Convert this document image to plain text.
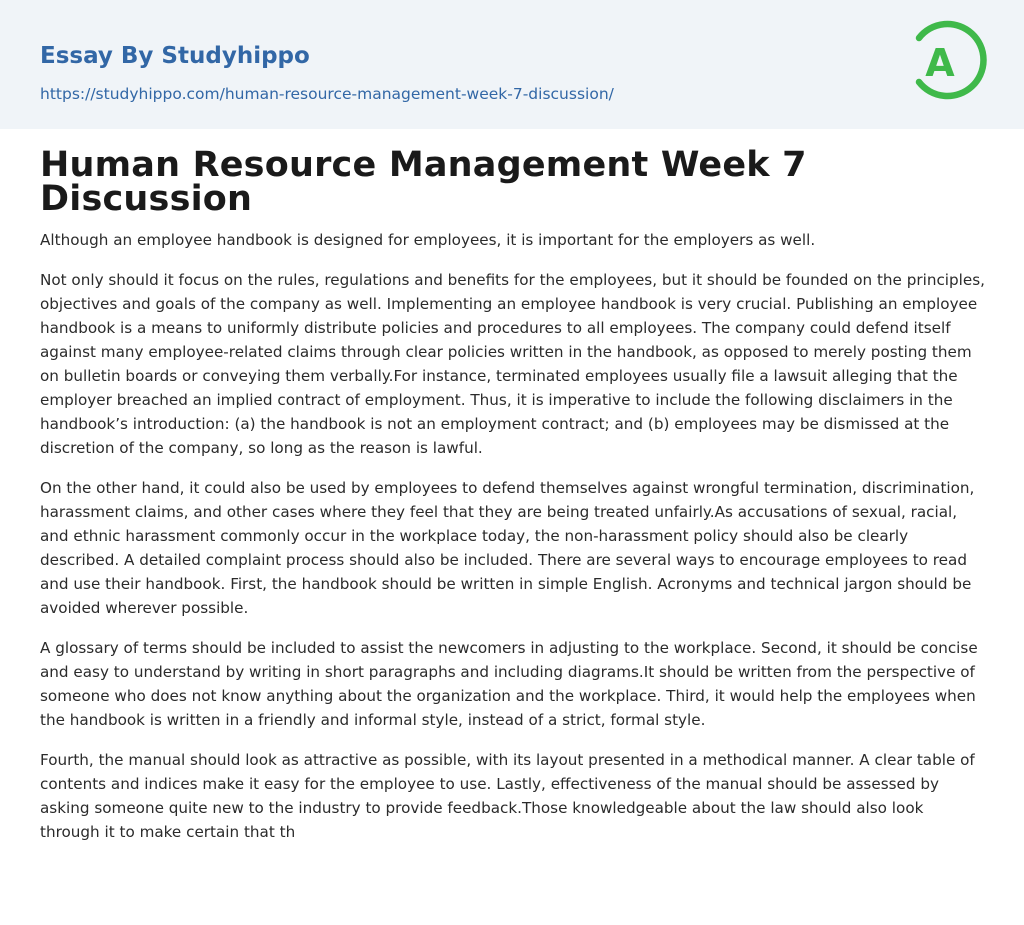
Essay By Studyhippo
https://studyhippo.com/human-resource-management-week-7-discussion/
A
Human Resource Management Week 7 Discussion

Although an employee handbook is designed for employees, it is important for the employers as well.

Not only should it focus on the rules, regulations and benefits for the employees, but it should be founded on the principles, objectives and goals of the company as well. Implementing an employee handbook is very crucial. Publishing an employee handbook is a means to uniformly distribute policies and procedures to all employees. The company could defend itself against many employee-related claims through clear policies written in the handbook, as opposed to merely posting them on bulletin boards or conveying them verbally.For instance, terminated employees usually file a lawsuit alleging that the employer breached an implied contract of employment. Thus, it is imperative to include the following disclaimers in the handbook’s introduction: (a) the handbook is not an employment contract; and (b) employees may be dismissed at the discretion of the company, so long as the reason is lawful.

On the other hand, it could also be used by employees to defend themselves against wrongful termination, discrimination, harassment claims, and other cases where they feel that they are being treated unfairly.As accusations of sexual, racial, and ethnic harassment commonly occur in the workplace today, the non-harassment policy should also be clearly described. A detailed complaint process should also be included. There are several ways to encourage employees to read and use their handbook. First, the handbook should be written in simple English. Acronyms and technical jargon should be avoided wherever possible.

A glossary of terms should be included to assist the newcomers in adjusting to the workplace. Second, it should be concise and easy to understand by writing in short paragraphs and including diagrams.It should be written from the perspective of someone who does not know anything about the organization and the workplace. Third, it would help the employees when the handbook is written in a friendly and informal style, instead of a strict, formal style.

Fourth, the manual should look as attractive as possible, with its layout presented in a methodical manner. A clear table of contents and indices make it easy for the employee to use. Lastly, effectiveness of the manual should be assessed by asking someone quite new to the industry to provide feedback.Those knowledgeable about the law should also look through it to make certain that th
